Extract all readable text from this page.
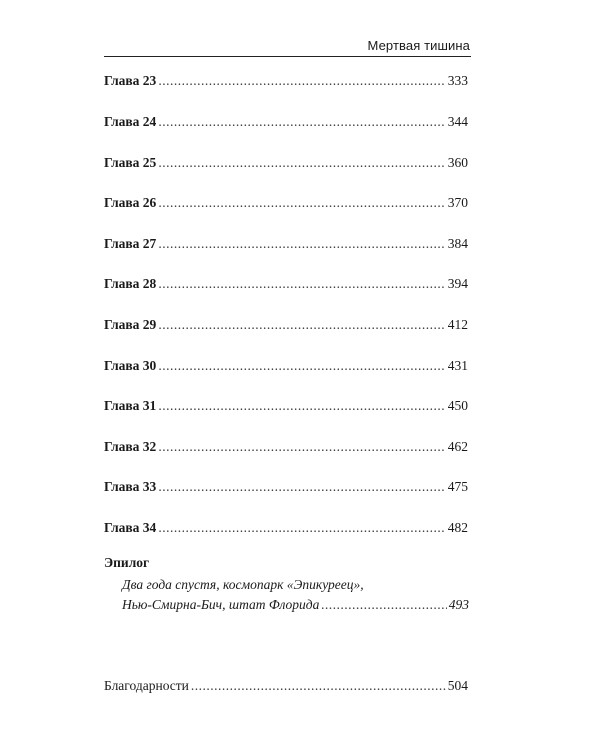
Мертвая тишина
Глава 23 .....	333
Глава 24 .....	344
Глава 25 .....	360
Глава 26 .....	370
Глава 27 .....	384
Глава 28 .....	394
Глава 29 .....	412
Глава 30 .....	431
Глава 31 .....	450
Глава 32 .....	462
Глава 33 .....	475
Глава 34 .....	482
Эпилог
Два года спустя, космопарк «Эпикуреец»,
Нью-Смирна-Бич, штат Флорида .....	493
Благодарности .....	504
